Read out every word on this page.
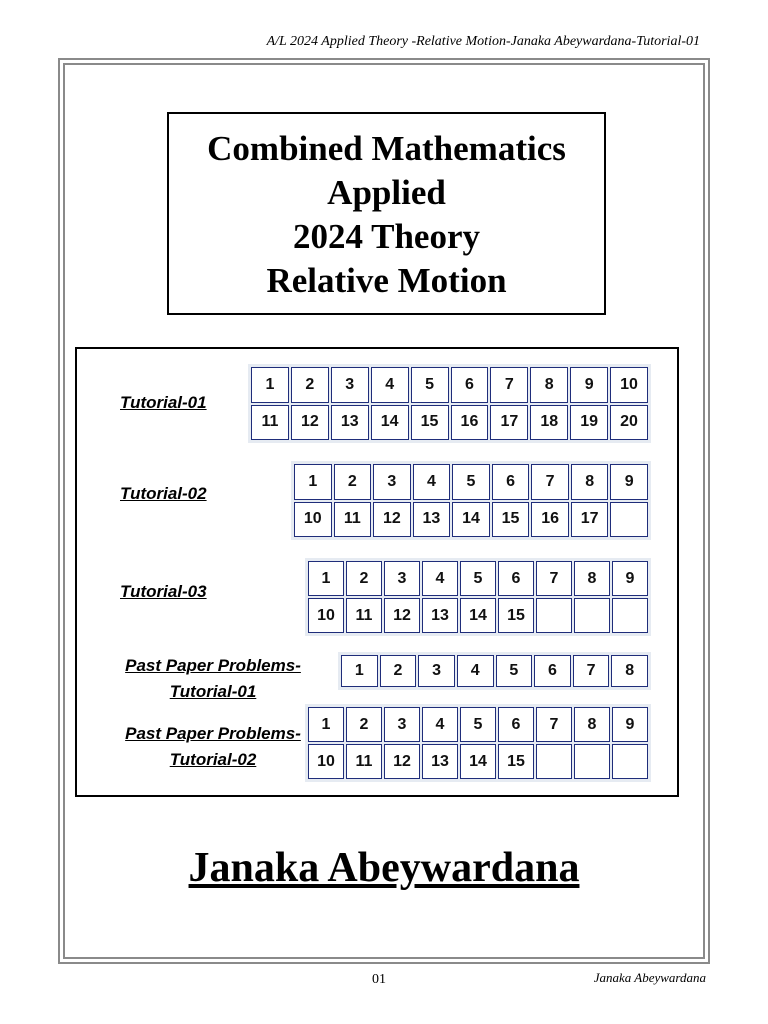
A/L 2024 Applied Theory -Relative Motion-Janaka Abeywardana-Tutorial-01
Combined Mathematics
Applied
2024 Theory
Relative Motion
Tutorial-01
1	2	3	4	5	6	7	8	9	10
11	12	13	14	15	16	17	18	19	20
Tutorial-02
1	2	3	4	5	6	7	8	9
10	11	12	13	14	15	16	17
Tutorial-03
1	2	3	4	5	6	7	8	9
10	11	12	13	14	15
Past Paper Problems-
Tutorial-01
1	2	3	4	5	6	7	8
Past Paper Problems-
Tutorial-02
1	2	3	4	5	6	7	8	9
10	11	12	13	14	15
Janaka Abeywardana
01	Janaka Abeywardana
